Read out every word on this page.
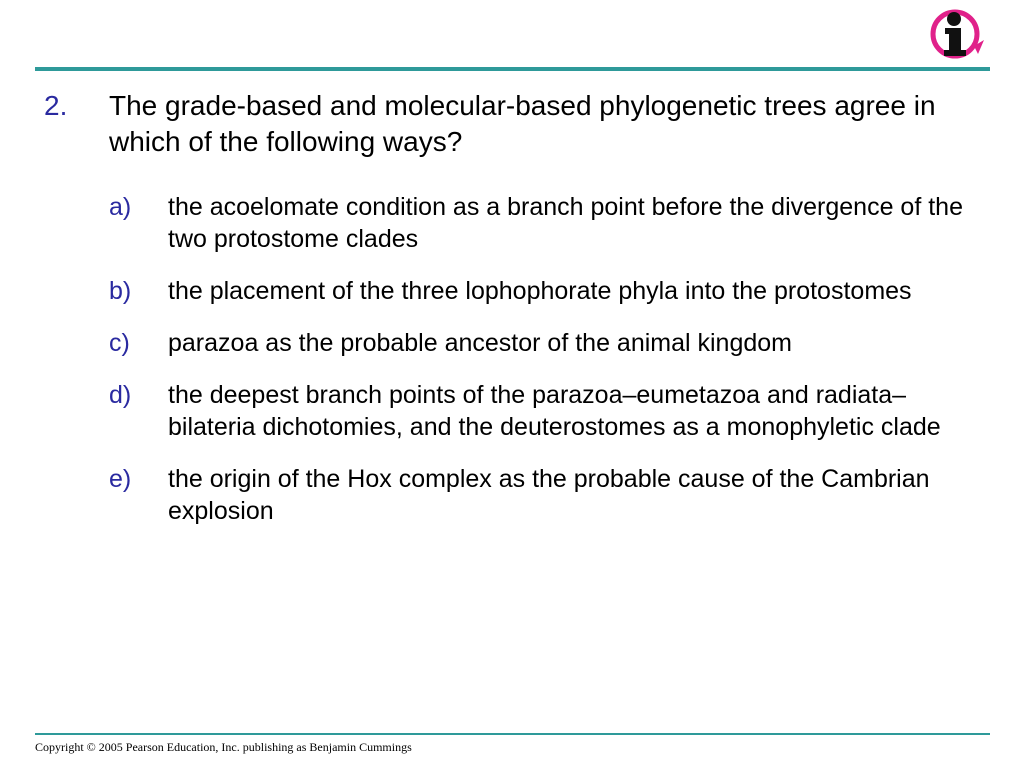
2. The grade-based and molecular-based phylogenetic trees agree in which of the following ways?
a) the acoelomate condition as a branch point before the divergence of the two protostome clades
b) the placement of the three lophophorate phyla into the protostomes
c) parazoa as the probable ancestor of the animal kingdom
d) the deepest branch points of the parazoa–eumetazoa and radiata–bilateria dichotomies, and the deuterostomes as a monophyletic clade
e) the origin of the Hox complex as the probable cause of the Cambrian explosion
Copyright © 2005 Pearson Education, Inc. publishing as Benjamin Cummings
